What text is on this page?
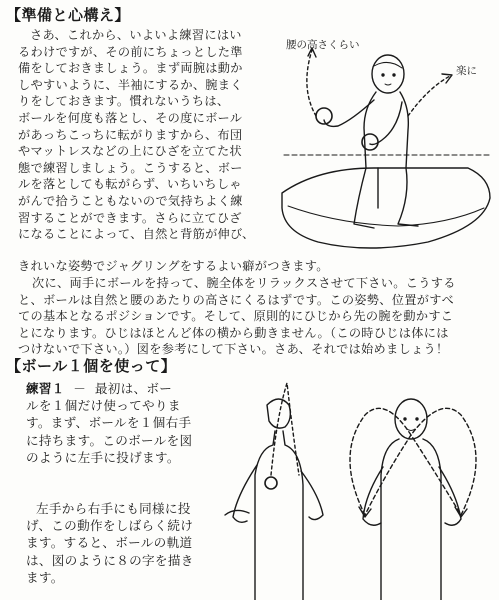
【準備と心構え】
さあ、これから、いよいよ練習にはい
るわけですが、その前にちょっとした準
備をしておきましょう。まず両腕は動か
しやすいように、半袖にするか、腕まく
りをしておきます。慣れないうちは、
ボールを何度も落とし、その度にボール
があっちこっちに転がりますから、布団
やマットレスなどの上にひざを立てた状
態で練習しましょう。こうすると、ボー
ルを落としても転がらず、いちいちしゃ
がんで拾うこともないので気持ちよく練
習することができます。さらに立てひざ
になることによって、自然と背筋が伸び、
きれいな姿勢でジャグリングをするよい癖がつきます。
次に、両手にボールを持って、腕全体をリラックスさせて下さい。こうする
と、ボールは自然と腰のあたりの高さにくるはずです。この姿勢、位置がすべ
ての基本となるポジションです。そして、原則的にひじから先の腕を動かすこ
とになります。ひじはほとんど体の横から動きません。（この時ひじは体には
つけないで下さい。）図を参考にして下さい。さあ、それでは始めましょう！
腰の高さくらい
楽に
【ボール１個を使って】
練習１ － 最初は、ボー
ルを１個だけ使ってやりま
す。まず、ボールを１個右手
に持ちます。このボールを図
のように左手に投げます。
左手から右手にも同様に投
げ、この動作をしばらく続け
ます。すると、ボールの軌道
は、図のように８の字を描き
ます。
